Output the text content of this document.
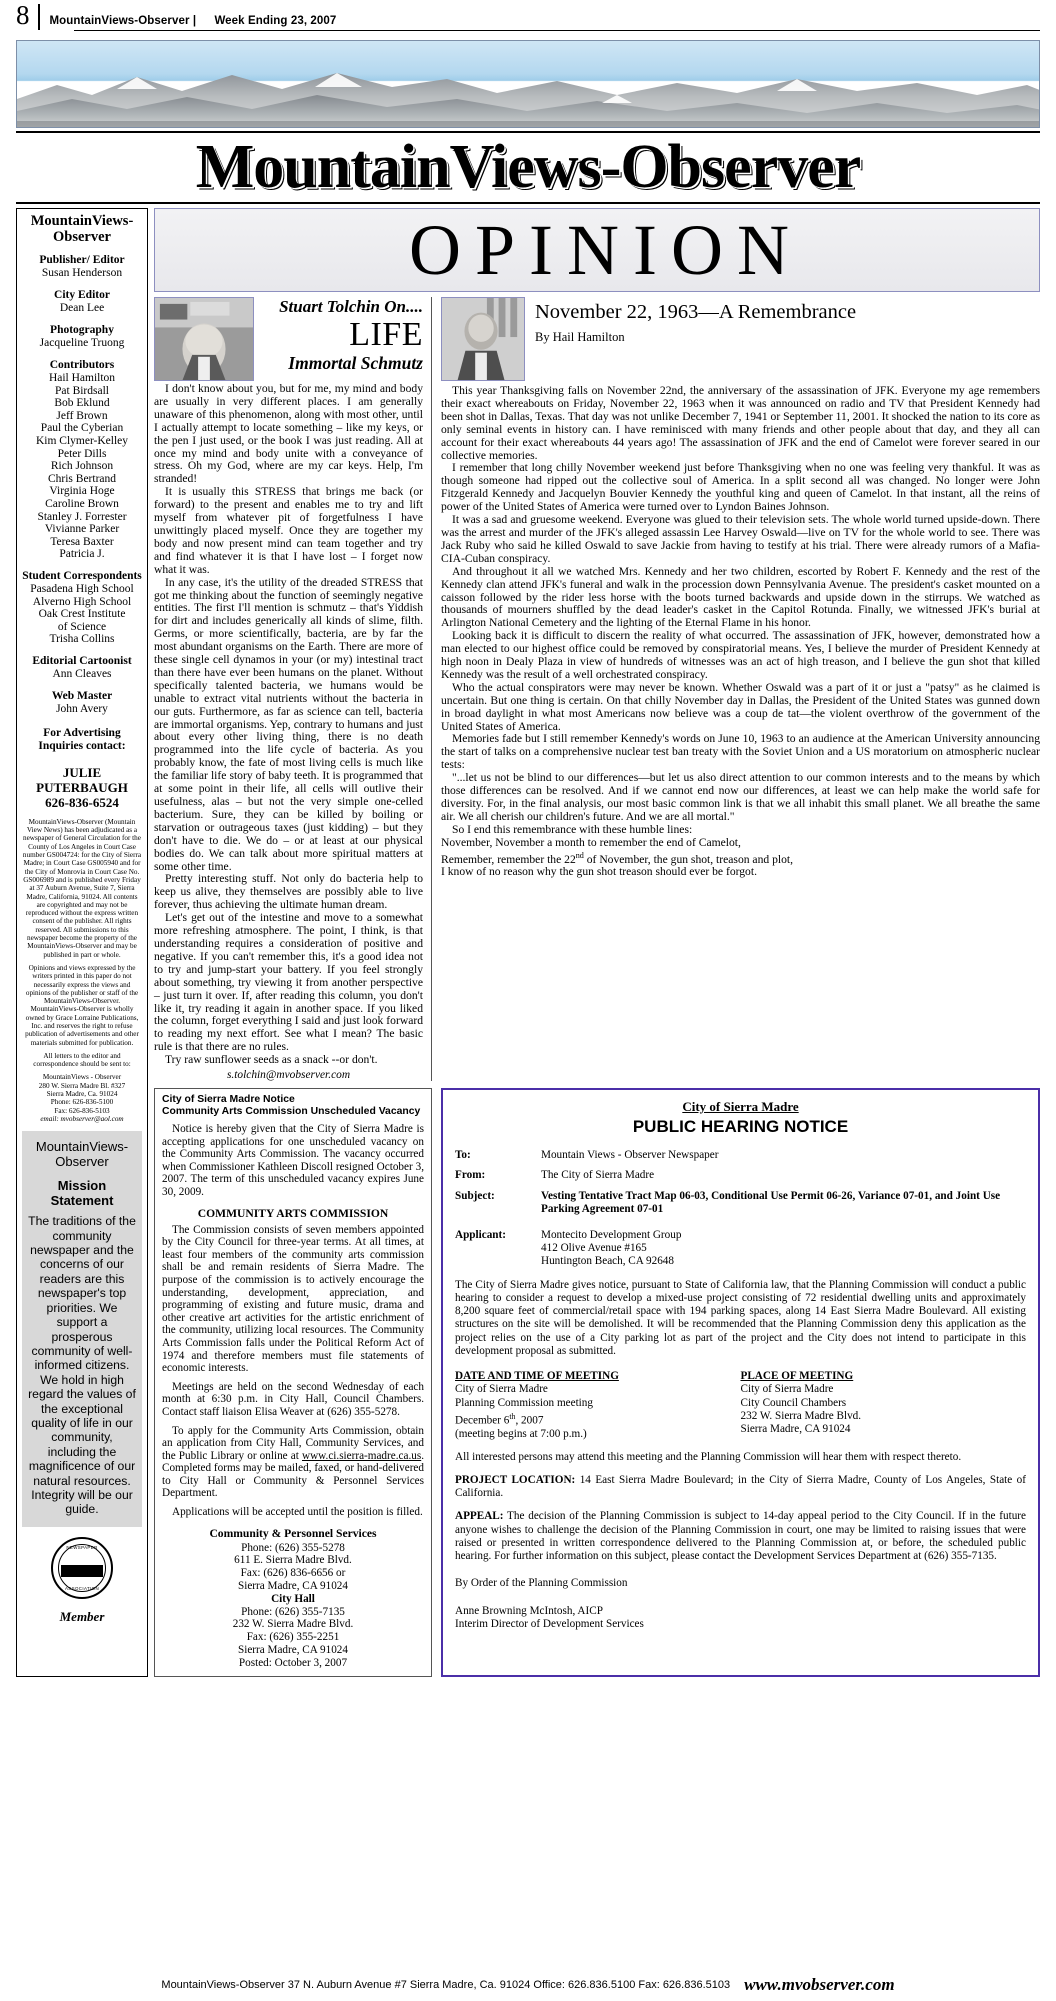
8	MountainViews-Observer | Week Ending 23, 2007
MountainViews-Observer
MountainViews-
Observer
Publisher/ Editor
Susan Henderson
City Editor
Dean Lee
Photography
Jacqueline Truong
Contributors
Hail Hamilton
Pat Birdsall
Bob Eklund
Jeff Brown
Paul the Cyberian
Kim Clymer-Kelley
Peter Dills
Rich Johnson
Chris Bertrand
Virginia Hoge
Caroline Brown
Stanley J. Forrester
Vivianne Parker
Teresa Baxter
Patricia J.
Student Correspondents
Pasadena High School
Alverno High School
Oak Crest Institute
of Science
Trisha Collins
Editorial Cartoonist
Ann Cleaves
Web Master
John Avery
For Advertising Inquiries contact:
JULIE PUTERBAUGH
626-836-6524

MountainViews-Observer (Mountain View News) has been adjudicated as a newspaper of General Circulation for the County of Los Angeles in Court Case number GS004724: for the City of Sierra Madre; in Court Case GS005940 and for the City of Monrovia in Court Case No. GS006989 and is published every Friday at 37 Auburn Avenue, Suite 7, Sierra Madre, California, 91024. All contents are copyrighted and may not be reproduced without the express written consent of the publisher. All rights reserved. All submissions to this newspaper become the property of the MountainViews-Observer and may be published in part or whole.

Opinions and views expressed by the writers printed in this paper do not necessarily express the views and opinions of the publisher or staff of the MountainViews-Observer. MountainViews-Observer is wholly owned by Grace Lorraine Publications, Inc. and reserves the right to refuse publication of advertisements and other materials submitted for publication.

All letters to the editor and correspondence should be sent to:

MountainViews - Observer
280 W. Sierra Madre Bl. #327
Sierra Madre, Ca. 91024
Phone: 626-836-5100
Fax: 626-836-5103
email: mvobserver@aol.com

MountainViews-
Observer
Mission Statement
The traditions of the community newspaper and the concerns of our readers are this newspaper's top priorities. We support a prosperous community of well-informed citizens. We hold in high regard the values of the exceptional quality of life in our community, including the magnificence of our natural resources. Integrity will be our guide.
NEWSPAPER
ASSOCIATION
Member
OPINION
Stuart Tolchin On....
LIFE
Immortal Schmutz

I don't know about you, but for me, my mind and body are usually in very different places. I am generally unaware of this phenomenon, along with most other, until I actually attempt to locate something – like my keys, or the pen I just used, or the book I was just reading. All at once my mind and body unite with a conveyance of stress. Oh my God, where are my car keys. Help, I'm stranded!

It is usually this STRESS that brings me back (or forward) to the present and enables me to try and lift myself from whatever pit of forgetfulness I have unwittingly placed myself. Once they are together my body and now present mind can team together and try and find whatever it is that I have lost – I forget now what it was.

In any case, it's the utility of the dreaded STRESS that got me thinking about the function of seemingly negative entities. The first I'll mention is schmutz – that's Yiddish for dirt and includes generically all kinds of slime, filth. Germs, or more scientifically, bacteria, are by far the most abundant organisms on the Earth. There are more of these single cell dynamos in your (or my) intestinal tract than there have ever been humans on the planet. Without specifically talented bacteria, we humans would be unable to extract vital nutrients without the bacteria in our guts. Furthermore, as far as science can tell, bacteria are immortal organisms. Yep, contrary to humans and just about every other living thing, there is no death programmed into the life cycle of bacteria. As you probably know, the fate of most living cells is much like the familiar life story of baby teeth. It is programmed that at some point in their life, all cells will outlive their usefulness, alas – but not the very simple one-celled bacterium. Sure, they can be killed by boiling or starvation or outrageous taxes (just kidding) – but they don't have to die. We do – or at least at our physical bodies do. We can talk about more spiritual matters at some other time.

Pretty interesting stuff. Not only do bacteria help to keep us alive, they themselves are possibly able to live forever, thus achieving the ultimate human dream.

Let's get out of the intestine and move to a somewhat more refreshing atmosphere. The point, I think, is that understanding requires a consideration of positive and negative. If you can't remember this, it's a good idea not to try and jump-start your battery. If you feel strongly about something, try viewing it from another perspective – just turn it over. If, after reading this column, you don't like it, try reading it again in another space. If you liked the column, forget everything I said and just look forward to reading my next effort. See what I mean? The basic rule is that there are no rules.

Try raw sunflower seeds as a snack --or don't.

s.tolchin@mvobserver.com
November 22, 1963—A Remembrance
By Hail Hamilton

This year Thanksgiving falls on November 22nd, the anniversary of the assassination of JFK. Everyone my age remembers their exact whereabouts on Friday, November 22, 1963 when it was announced on radio and TV that President Kennedy had been shot in Dallas, Texas. That day was not unlike December 7, 1941 or September 11, 2001. It shocked the nation to its core as only seminal events in history can. I have reminisced with many friends and other people about that day, and they all can account for their exact whereabouts 44 years ago! The assassination of JFK and the end of Camelot were forever seared in our collective memories.

I remember that long chilly November weekend just before Thanksgiving when no one was feeling very thankful. It was as though someone had ripped out the collective soul of America. In a split second all was changed. No longer were John Fitzgerald Kennedy and Jacquelyn Bouvier Kennedy the youthful king and queen of Camelot. In that instant, all the reins of power of the United States of America were turned over to Lyndon Baines Johnson.

It was a sad and gruesome weekend. Everyone was glued to their television sets. The whole world turned upside-down. There was the arrest and murder of the JFK's alleged assassin Lee Harvey Oswald—live on TV for the whole world to see. There was Jack Ruby who said he killed Oswald to save Jackie from having to testify at his trial. There were already rumors of a Mafia-CIA-Cuban conspiracy.

And throughout it all we watched Mrs. Kennedy and her two children, escorted by Robert F. Kennedy and the rest of the Kennedy clan attend JFK's funeral and walk in the procession down Pennsylvania Avenue. The president's casket mounted on a caisson followed by the rider less horse with the boots turned backwards and upside down in the stirrups. We watched as thousands of mourners shuffled by the dead leader's casket in the Capitol Rotunda. Finally, we witnessed JFK's burial at Arlington National Cemetery and the lighting of the Eternal Flame in his honor.

Looking back it is difficult to discern the reality of what occurred. The assassination of JFK, however, demonstrated how a man elected to our highest office could be removed by conspiratorial means. Yes, I believe the murder of President Kennedy at high noon in Dealy Plaza in view of hundreds of witnesses was an act of high treason, and I believe the gun shot that killed Kennedy was the result of a well orchestrated conspiracy.

Who the actual conspirators were may never be known. Whether Oswald was a part of it or just a "patsy" as he claimed is uncertain. But one thing is certain. On that chilly November day in Dallas, the President of the United States was gunned down in broad daylight in what most Americans now believe was a coup de tat—the violent overthrow of the government of the United States of America.

Memories fade but I still remember Kennedy's words on June 10, 1963 to an audience at the American University announcing the start of talks on a comprehensive nuclear test ban treaty with the Soviet Union and a US moratorium on atmospheric nuclear tests:

"...let us not be blind to our differences—but let us also direct attention to our common interests and to the means by which those differences can be resolved. And if we cannot end now our differences, at least we can help make the world safe for diversity. For, in the final analysis, our most basic common link is that we all inhabit this small planet. We all breathe the same air. We all cherish our children's future. And we are all mortal."

So I end this remembrance with these humble lines:

November, November a month to remember the end of Camelot,

Remember, remember the 22nd of November, the gun shot, treason and plot,

I know of no reason why the gun shot treason should ever be forgot.

City of Sierra Madre Notice
Community Arts Commission Unscheduled Vacancy

Notice is hereby given that the City of Sierra Madre is accepting applications for one unscheduled vacancy on the Community Arts Commission. The vacancy occurred when Commissioner Kathleen Discoll resigned October 3, 2007. The term of this unscheduled vacancy expires June 30, 2009.

COMMUNITY ARTS COMMISSION

The Commission consists of seven members appointed by the City Council for three-year terms. At all times, at least four members of the community arts commission shall be and remain residents of Sierra Madre. The purpose of the commission is to actively encourage the understanding, development, appreciation, and programming of existing and future music, drama and other creative art activities for the artistic enrichment of the community, utilizing local resources. The Community Arts Commission falls under the Political Reform Act of 1974 and therefore members must file statements of economic interests.

Meetings are held on the second Wednesday of each month at 6:30 p.m. in City Hall, Council Chambers. Contact staff liaison Elisa Weaver at (626) 355-5278.

To apply for the Community Arts Commission, obtain an application from City Hall, Community Services, and the Public Library or online at www.ci.sierra-madre.ca.us. Completed forms may be mailed, faxed, or hand-delivered to City Hall or Community & Personnel Services Department.

Applications will be accepted until the position is filled.

Community & Personnel Services
Phone: (626) 355-5278
611 E. Sierra Madre Blvd.
Fax: (626) 836-6656 or
Sierra Madre, CA 91024
City Hall
Phone: (626) 355-7135
232 W. Sierra Madre Blvd.
Fax: (626) 355-2251
Sierra Madre, CA 91024
Posted: October 3, 2007
City of Sierra Madre
PUBLIC HEARING NOTICE
To:	Mountain Views - Observer Newspaper
From:	The City of Sierra Madre
Subject:	Vesting Tentative Tract Map 06-03, Conditional Use Permit 06-26, Variance 07-01, and Joint Use Parking Agreement 07-01
Applicant:	Montecito Development Group
412 Olive Avenue #165
Huntington Beach, CA 92648
The City of Sierra Madre gives notice, pursuant to State of California law, that the Planning Commission will conduct a public hearing to consider a request to develop a mixed-use project consisting of 72 residential dwelling units and approximately 8,200 square feet of commercial/retail space with 194 parking spaces, along 14 East Sierra Madre Boulevard. All existing structures on the site will be demolished. It will be recommended that the Planning Commission deny this application as the project relies on the use of a City parking lot as part of the project and the City does not intend to participate in this development proposal as submitted.
DATE AND TIME OF MEETING
City of Sierra Madre
Planning Commission meeting
December 6th, 2007
(meeting begins at 7:00 p.m.)
PLACE OF MEETING
City of Sierra Madre
City Council Chambers
232 W. Sierra Madre Blvd.
Sierra Madre, CA 91024
All interested persons may attend this meeting and the Planning Commission will hear them with respect thereto.
PROJECT LOCATION: 14 East Sierra Madre Boulevard; in the City of Sierra Madre, County of Los Angeles, State of California.
APPEAL: The decision of the Planning Commission is subject to 14-day appeal period to the City Council. If in the future anyone wishes to challenge the decision of the Planning Commission in court, one may be limited to raising issues that were raised or presented in written correspondence delivered to the Planning Commission at, or before, the scheduled public hearing. For further information on this subject, please contact the Development Services Department at (626) 355-7135.
By Order of the Planning Commission
Anne Browning McIntosh, AICP
Interim Director of Development Services
MountainViews-Observer 37 N. Auburn Avenue #7 Sierra Madre, Ca. 91024 Office: 626.836.5100 Fax: 626.836.5103 www.mvobserver.com
